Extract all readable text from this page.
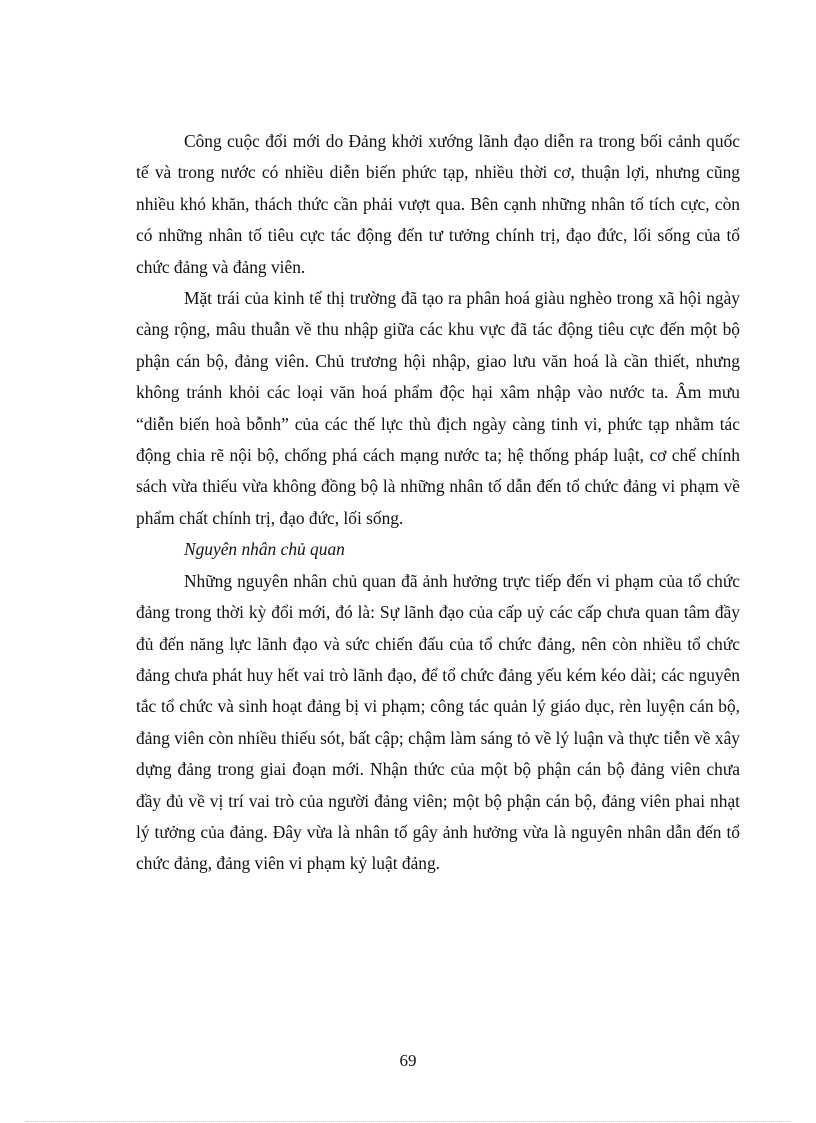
Công cuộc đổi mới do Đảng khởi xướng lãnh đạo diễn ra trong bối cảnh quốc tế và trong nước có nhiều diễn biến phức tạp, nhiều thời cơ, thuận lợi, nhưng cũng nhiều khó khăn, thách thức cần phải vượt qua. Bên cạnh những nhân tố tích cực, còn có những nhân tố tiêu cực tác động đến tư tưởng chính trị, đạo đức, lối sống của tổ chức đảng và đảng viên.

Mặt trái của kinh tế thị trường đã tạo ra phân hoá giàu nghèo trong xã hội ngày càng rộng, mâu thuẫn về thu nhập giữa các khu vực đã tác động tiêu cực đến một bộ phận cán bộ, đảng viên. Chủ trương hội nhập, giao lưu văn hoá là cần thiết, nhưng không tránh khỏi các loại văn hoá phẩm độc hại xâm nhập vào nước ta. Âm mưu “diễn biến hoà bỗnh” của các thế lực thù địch ngày càng tinh vi, phức tạp nhằm tác động chia rẽ nội bộ, chống phá cách mạng nước ta; hệ thống pháp luật, cơ chế chính sách vừa thiếu vừa không đồng bộ là những nhân tố dẫn đến tổ chức đảng vi phạm về phẩm chất chính trị, đạo đức, lối sống.

Nguyên nhân chủ quan

Những nguyên nhân chủ quan đã ảnh hưởng trực tiếp đến vi phạm của tổ chức đảng trong thời kỳ đổi mới, đó là: Sự lãnh đạo của cấp uỷ các cấp chưa quan tâm đầy đủ đến năng lực lãnh đạo và sức chiến đấu của tổ chức đảng, nên còn nhiều tổ chức đảng chưa phát huy hết vai trò lãnh đạo, để tổ chức đảng yếu kém kéo dài; các nguyên tắc tổ chức và sinh hoạt đảng bị vi phạm; công tác quản lý giáo dục, rèn luyện cán bộ, đảng viên còn nhiều thiếu sót, bất cập; chậm làm sáng tỏ về lý luận và thực tiễn về xây dựng đảng trong giai đoạn mới. Nhận thức của một bộ phận cán bộ đảng viên chưa đầy đủ về vị trí vai trò của người đảng viên; một bộ phận cán bộ, đảng viên phai nhạt lý tưởng của đảng. Đây vừa là nhân tố gây ảnh hưởng vừa là nguyên nhân dẫn đến tổ chức đảng, đảng viên vi phạm kỷ luật đảng.

69
